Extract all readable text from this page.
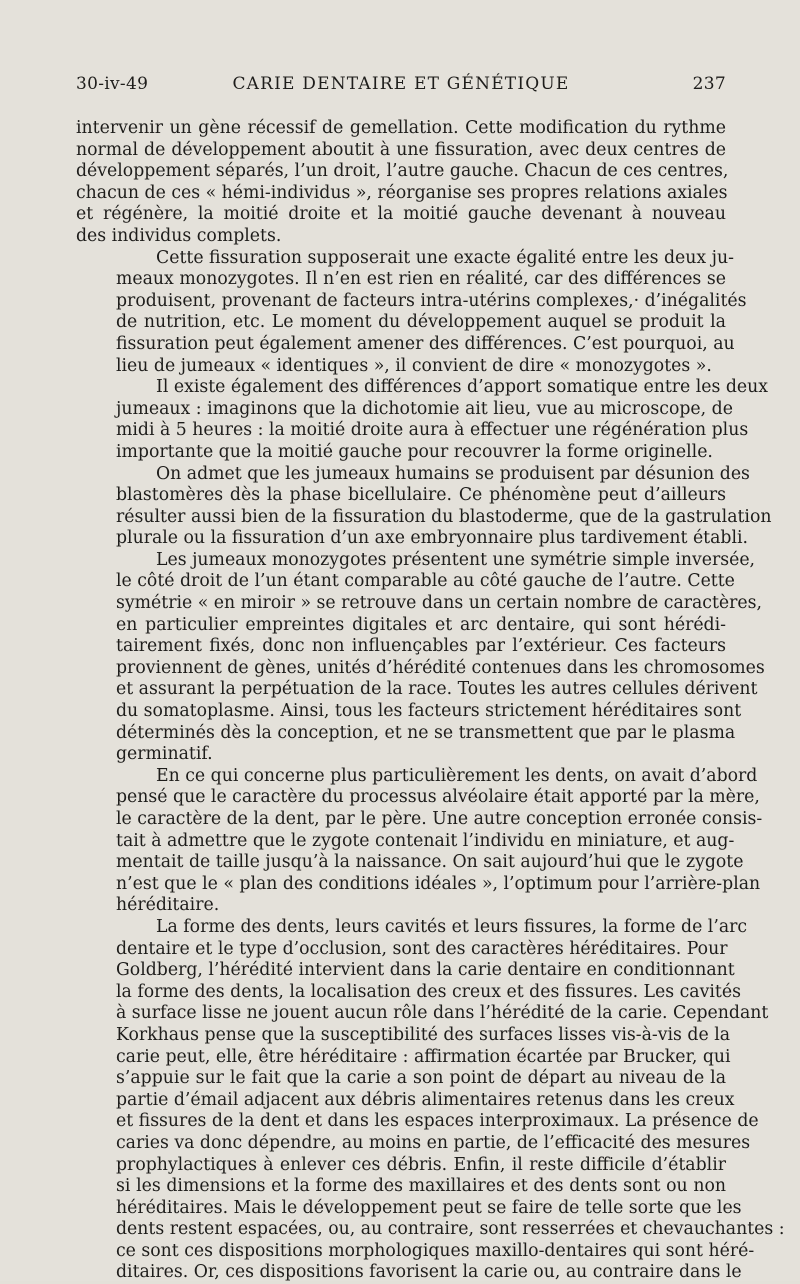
30-iv-49	CARIE DENTAIRE ET GÉNÉTIQUE	237
intervenir un gène récessif de gemellation. Cette modification du rythme
normal de développement aboutit à une fissuration, avec deux centres de
développement séparés, l’un droit, l’autre gauche. Chacun de ces centres,
chacun de ces « hémi-individus », réorganise ses propres relations axiales
et régénère, la moitié droite et la moitié gauche devenant à nouveau
des individus complets.
Cette fissuration supposerait une exacte égalité entre les deux ju-
meaux monozygotes. Il n’en est rien en réalité, car des différences se
produisent, provenant de facteurs intra-utérins complexes,· d’inégalités
de nutrition, etc. Le moment du développement auquel se produit la
fissuration peut également amener des différences. C’est pourquoi, au
lieu de jumeaux « identiques », il convient de dire « monozygotes ».
Il existe également des différences d’apport somatique entre les deux
jumeaux : imaginons que la dichotomie ait lieu, vue au microscope, de
midi à 5 heures : la moitié droite aura à effectuer une régénération plus
importante que la moitié gauche pour recouvrer la forme originelle.
On admet que les jumeaux humains se produisent par désunion des
blastomères dès la phase bicellulaire. Ce phénomène peut d’ailleurs
résulter aussi bien de la fissuration du blastoderme, que de la gastrulation
plurale ou la fissuration d’un axe embryonnaire plus tardivement établi.
Les jumeaux monozygotes présentent une symétrie simple inversée,
le côté droit de l’un étant comparable au côté gauche de l’autre. Cette
symétrie « en miroir » se retrouve dans un certain nombre de caractères,
en particulier empreintes digitales et arc dentaire, qui sont hérédi-
tairement fixés, donc non influençables par l’extérieur. Ces facteurs
proviennent de gènes, unités d’hérédité contenues dans les chromosomes
et assurant la perpétuation de la race. Toutes les autres cellules dérivent
du somatoplasme. Ainsi, tous les facteurs strictement héréditaires sont
déterminés dès la conception, et ne se transmettent que par le plasma
germinatif.
En ce qui concerne plus particulièrement les dents, on avait d’abord
pensé que le caractère du processus alvéolaire était apporté par la mère,
le caractère de la dent, par le père. Une autre conception erronée consis-
tait à admettre que le zygote contenait l’individu en miniature, et aug-
mentait de taille jusqu’à la naissance. On sait aujourd’hui que le zygote
n’est que le « plan des conditions idéales », l’optimum pour l’arrière-plan
héréditaire.
La forme des dents, leurs cavités et leurs fissures, la forme de l’arc
dentaire et le type d’occlusion, sont des caractères héréditaires. Pour
Goldberg, l’hérédité intervient dans la carie dentaire en conditionnant
la forme des dents, la localisation des creux et des fissures. Les cavités
à surface lisse ne jouent aucun rôle dans l’hérédité de la carie. Cependant
Korkhaus pense que la susceptibilité des surfaces lisses vis-à-vis de la
carie peut, elle, être héréditaire : affirmation écartée par Brucker, qui
s’appuie sur le fait que la carie a son point de départ au niveau de la
partie d’émail adjacent aux débris alimentaires retenus dans les creux
et fissures de la dent et dans les espaces interproximaux. La présence de
caries va donc dépendre, au moins en partie, de l’efficacité des mesures
prophylactiques à enlever ces débris. Enfin, il reste difficile d’établir
si les dimensions et la forme des maxillaires et des dents sont ou non
héréditaires. Mais le développement peut se faire de telle sorte que les
dents restent espacées, ou, au contraire, sont resserrées et chevauchantes :
ce sont ces dispositions morphologiques maxillo-dentaires qui sont héré-
ditaires. Or, ces dispositions favorisent la carie ou, au contraire dans le
